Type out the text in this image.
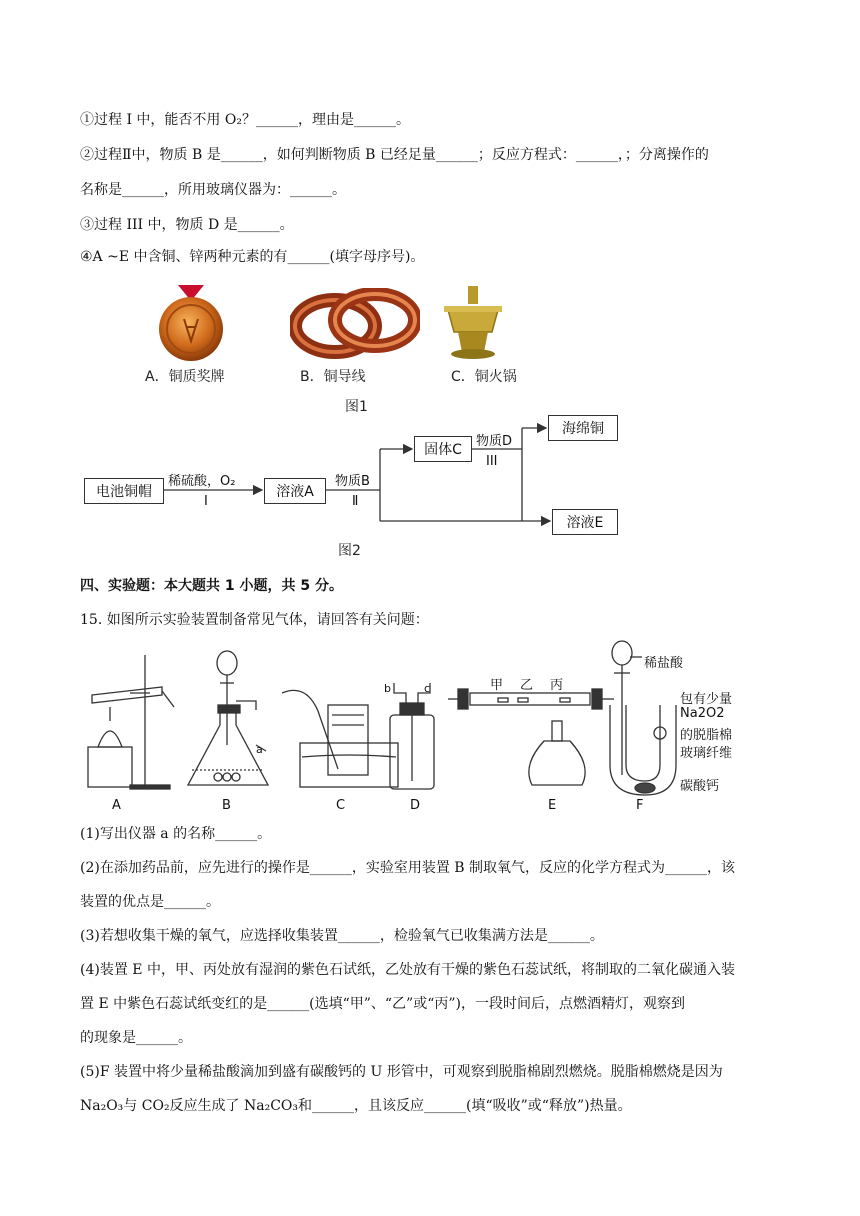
①过程 I 中，能否不用 O₂？______，理由是______。
②过程Ⅱ中，物质 B 是______，如何判断物质 B 已经足量______；反应方程式：______，；分离操作的
名称是______，所用玻璃仪器为：______。
③过程 III 中，物质 D 是______。
④A ~E 中含铜、锌两种元素的有______(填字母序号)。
A．铜质奖牌	B．铜导线	C．铜火锅
图1
电池铜帽	溶液A
固体C
海绵铜
溶液E
稀硫酸，O₂
I
物质B
Ⅱ
物质D
III
图2
四、实验题：本大题共 1 小题，共 5 分。
15. 如图所示实验装置制备常见气体，请回答有关问题：
A	B	C	D	E	F
a
b	c	甲 乙 丙
稀盐酸
包有少量
Na2O2
的脱脂棉
玻璃纤维
碳酸钙
(1)写出仪器 a 的名称______。
(2)在添加药品前，应先进行的操作是______，实验室用装置 B 制取氧气，反应的化学方程式为______，该
装置的优点是______。
(3)若想收集干燥的氧气，应选择收集装置______，检验氧气已收集满方法是______。
(4)装置 E 中，甲、丙处放有湿润的紫色石试纸，乙处放有干燥的紫色石蕊试纸，将制取的二氧化碳通入装
置 E 中紫色石蕊试纸变红的是______(选填“甲”、“乙”或“丙”)，一段时间后，点燃酒精灯，观察到
的现象是______。
(5)F 装置中将少量稀盐酸滴加到盛有碳酸钙的 U 形管中，可观察到脱脂棉剧烈燃烧。脱脂棉燃烧是因为
Na₂O₃与 CO₂反应生成了 Na₂CO₃和______，且该反应______(填“吸收”或“释放”)热量。
